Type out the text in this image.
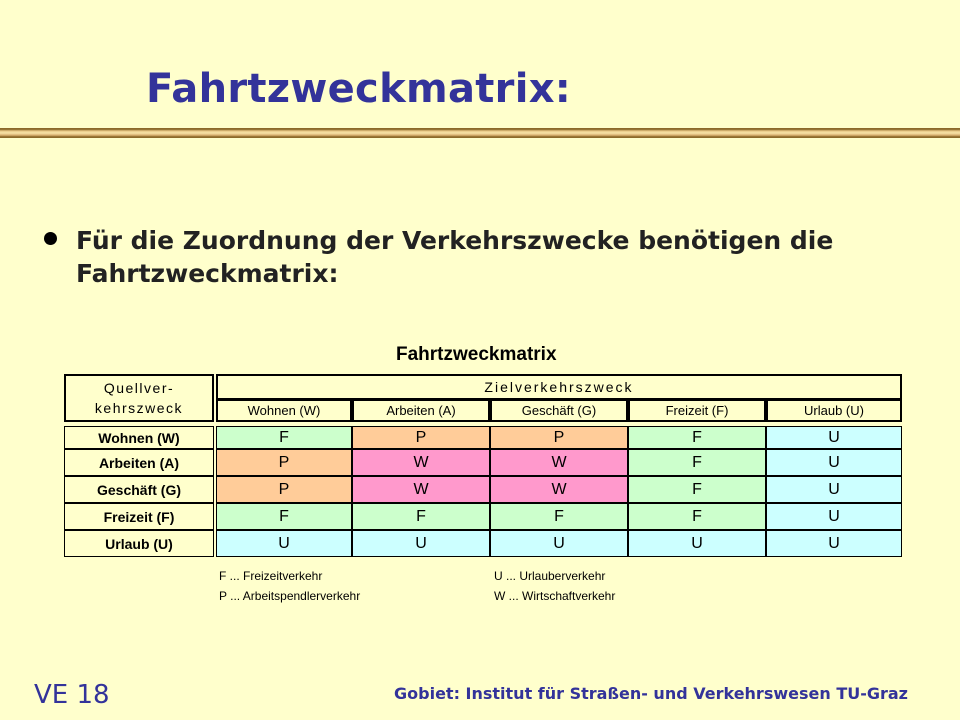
Fahrtzweckmatrix:
Für die Zuordnung der Verkehrszwecke benötigen die Fahrtzweckmatrix:
Fahrtzweckmatrix
Quellver-
kehrszweck
Zielverkehrszweck
Wohnen (W)	Arbeiten (A)	Geschäft (G)	Freizeit (F)	Urlaub (U)
Wohnen (W)	F	P	P	F	U
Arbeiten (A)	P	W	W	F	U
Geschäft (G)	P	W	W	F	U
Freizeit (F)	F	F	F	F	U
Urlaub (U)	U	U	U	U	U
F ... Freizeitverkehr
P ... Arbeitspendlerverkehr
U ... Urlauberverkehr
W ... Wirtschaftverkehr
VE 18	Gobiet: Institut für Straßen- und Verkehrswesen TU-Graz
